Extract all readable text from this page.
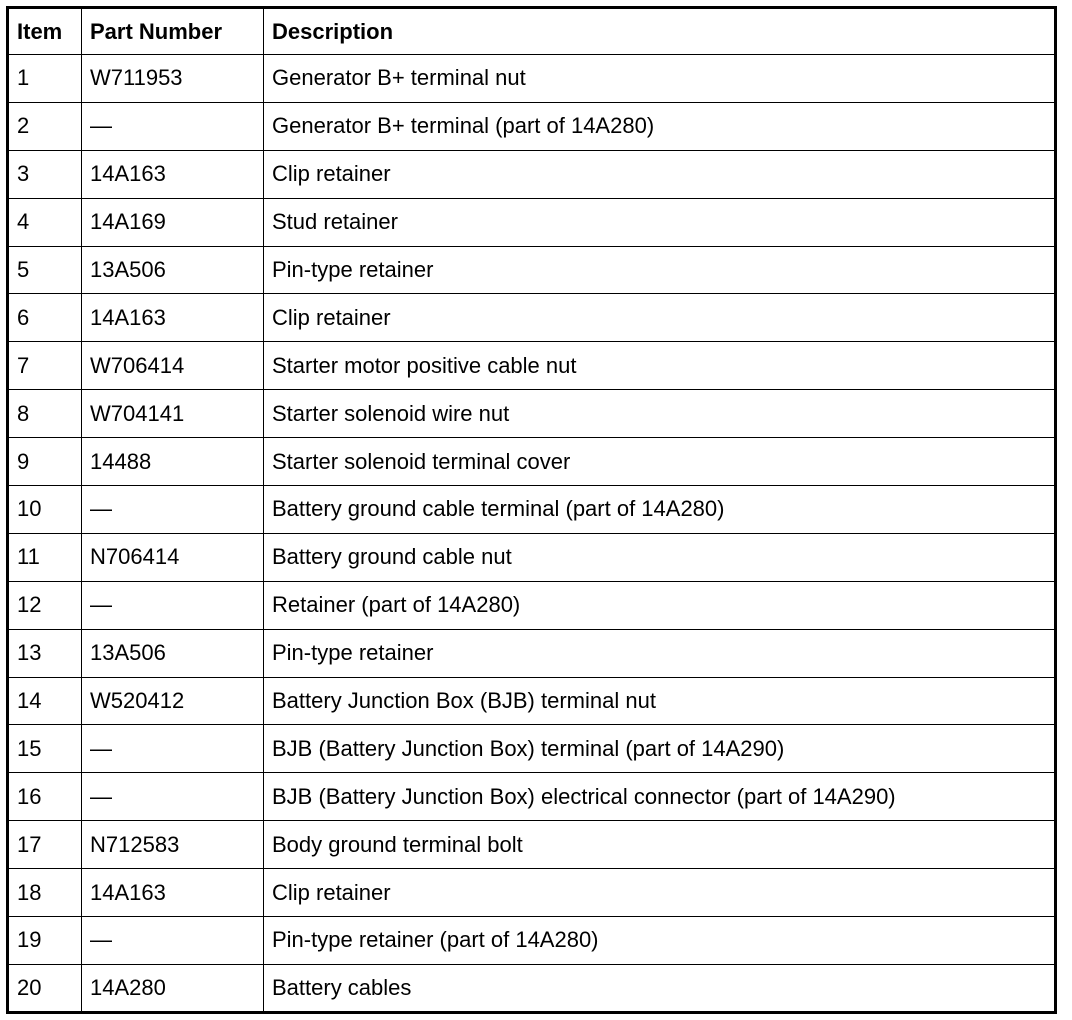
Item	Part Number	Description
1	W711953	Generator B+ terminal nut
2	—	Generator B+ terminal (part of 14A280)
3	14A163	Clip retainer
4	14A169	Stud retainer
5	13A506	Pin-type retainer
6	14A163	Clip retainer
7	W706414	Starter motor positive cable nut
8	W704141	Starter solenoid wire nut
9	14488	Starter solenoid terminal cover
10	—	Battery ground cable terminal (part of 14A280)
11	N706414	Battery ground cable nut
12	—	Retainer (part of 14A280)
13	13A506	Pin-type retainer
14	W520412	Battery Junction Box (BJB) terminal nut
15	—	BJB (Battery Junction Box) terminal (part of 14A290)
16	—	BJB (Battery Junction Box) electrical connector (part of 14A290)
17	N712583	Body ground terminal bolt
18	14A163	Clip retainer
19	—	Pin-type retainer (part of 14A280)
20	14A280	Battery cables
